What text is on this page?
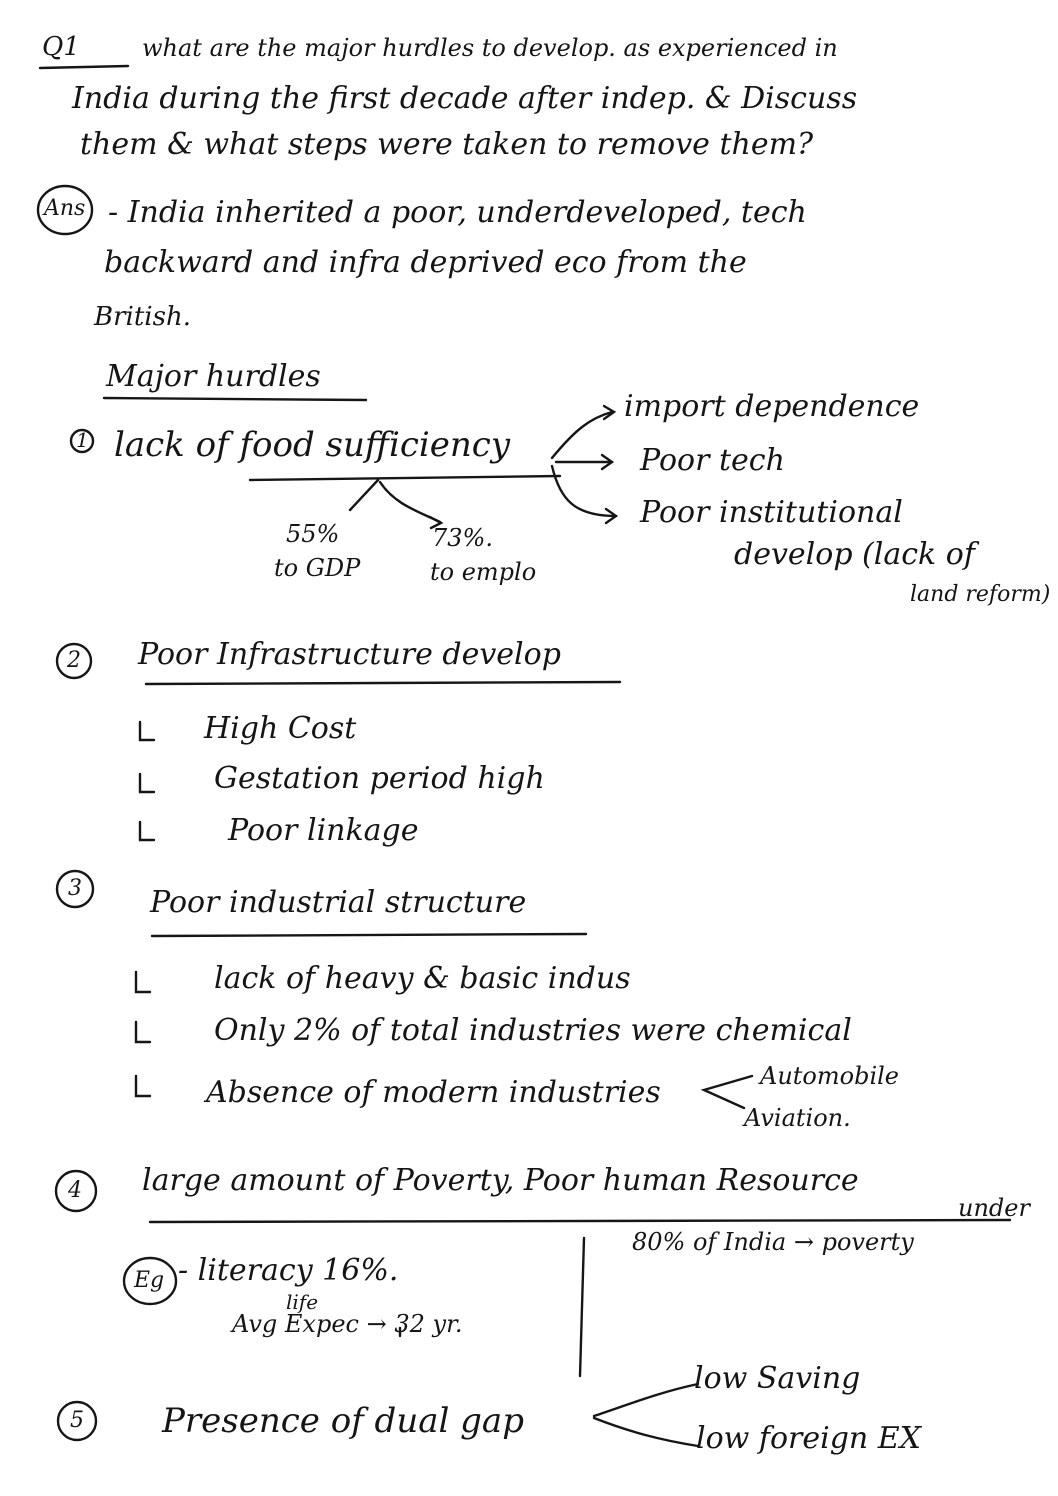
Q1	what are the major hurdles to develop. as experienced in
India during the first decade after indep. & Discuss
them & what steps were taken to remove them?
Ans - India inherited a poor, underdeveloped, tech
backward and infra deprived eco from the
British.
Major hurdles
1 lack of food sufficiency
import dependence
Poor tech
Poor institutional
develop (lack of
land reform)
55%
to GDP
73%.
to emplo
2 Poor Infrastructure develop
High Cost
Gestation period high
Poor linkage
3 Poor industrial structure
lack of heavy & basic indus
Only 2% of total industries were chemical
Absence of modern industries	Automobile
Aviation.
4 large amount of Poverty, Poor human Resource
Eg - literacy 16%.
life
Avg Expec → 32 yr.
under
80% of India → poverty
5 Presence of dual gap
low Saving
low foreign EX
